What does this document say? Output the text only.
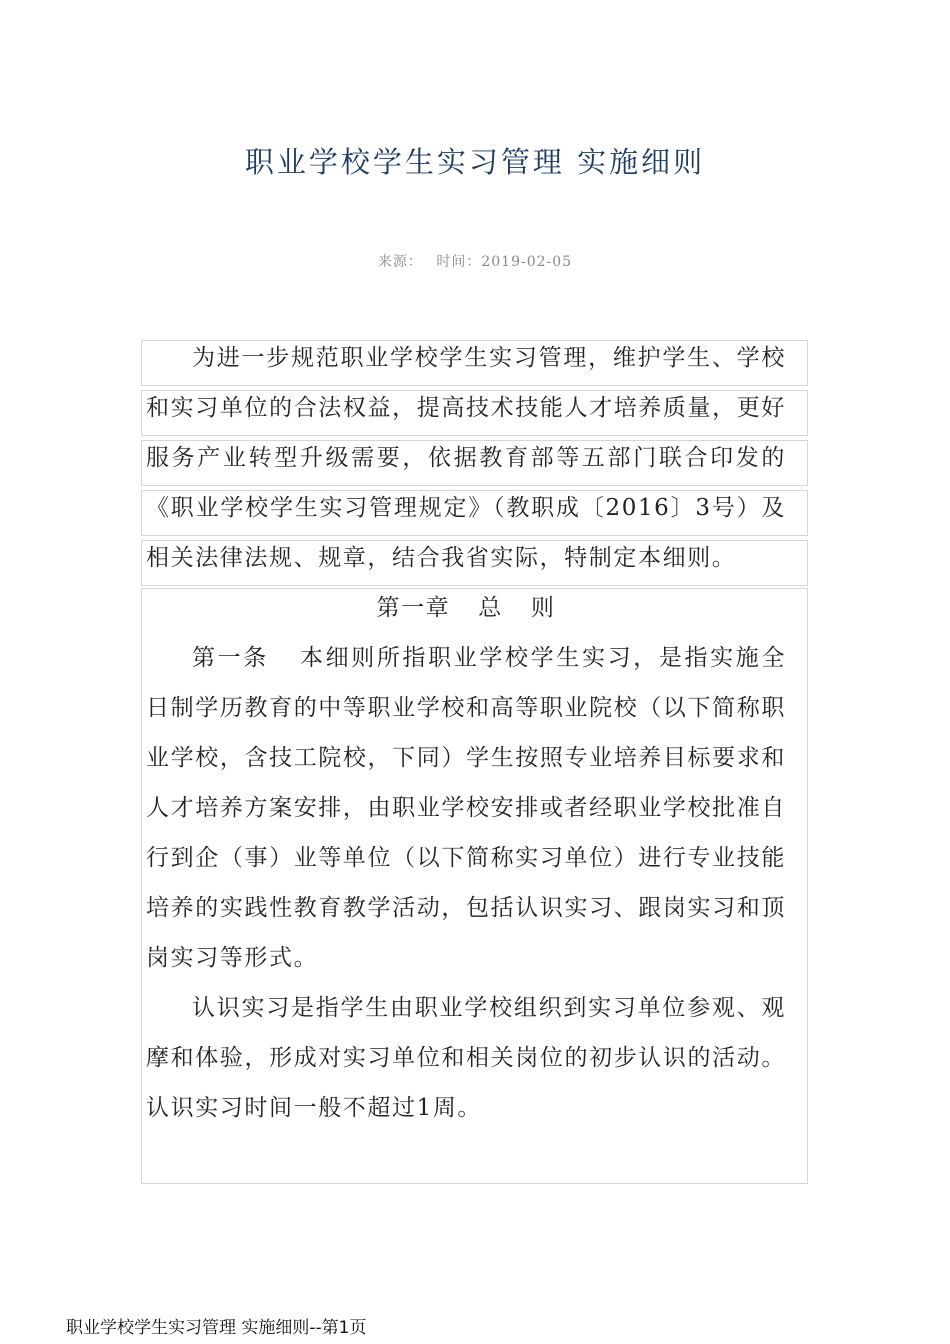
职业学校学生实习管理 实施细则
来源： 时间：2019-02-05

为进一步规范职业学校学生实习管理，维护学生、学校和实习单位的合法权益，提高技术技能人才培养质量，更好服务产业转型升级需要，依据教育部等五部门联合印发的《职业学校学生实习管理规定》（教职成〔2016〕3号）及相关法律法规、规章，结合我省实际，特制定本细则。

第一章 总 则

第一条 本细则所指职业学校学生实习，是指实施全日制学历教育的中等职业学校和高等职业院校（以下简称职业学校，含技工院校，下同）学生按照专业培养目标要求和人才培养方案安排，由职业学校安排或者经职业学校批准自行到企（事）业等单位（以下简称实习单位）进行专业技能培养的实践性教育教学活动，包括认识实习、跟岗实习和顶岗实习等形式。

认识实习是指学生由职业学校组织到实习单位参观、观摩和体验，形成对实习单位和相关岗位的初步认识的活动。认识实习时间一般不超过1周。

职业学校学生实习管理 实施细则--第1页
